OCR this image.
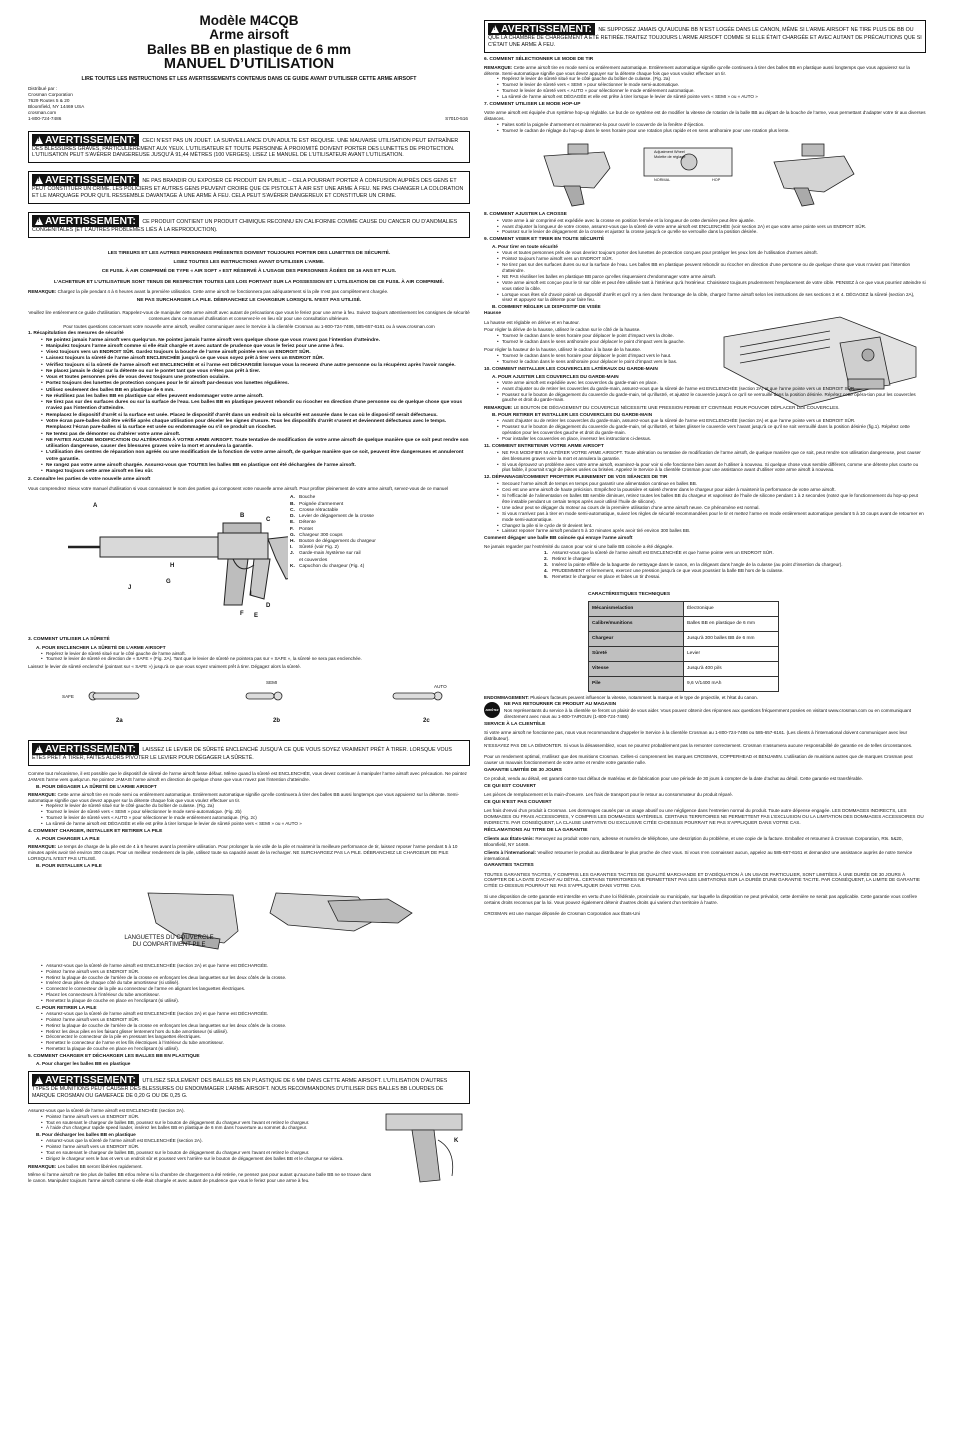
Modèle M4CQB
Arme airsoft
Balles BB en plastique de 6 mm
MANUEL D’UTILISATION
LIRE TOUTES LES INSTRUCTIONS ET LES AVERTISSEMENTS CONTENUS DANS CE GUIDE AVANT D’UTILISER CETTE ARME AIRSOFT
Distribué par :
Crosman Corporation
7629 Routes 5 & 20
Bloomfield, NY 14469 USA
crosman.com
1-800-724-7486	S7010-516
!AVERTISSEMENT: CECI N’EST PAS UN JOUET. LA SURVEILLANCE D’UN ADULTE EST REQUISE. UNE MAUVAISE UTILISATION PEUT ENTRAÎNER DES BLESSURES GRAVES, PARTICULIÈREMENT AUX YEUX. L’UTILISATEUR ET TOUTE PERSONNE À PROXIMITÉ DOIVENT PORTER DES LUNETTES DE PROTECTION. L’UTILISATION PEUT S’AVÉRER DANGEREUSE JUSQU’À 91,44 MÈTRES (100 VERGES). LISEZ LE MANUEL DE L’UTILISATEUR AVANT L’UTILISATION.
!AVERTISSEMENT: NE PAS BRANDIR OU EXPOSER CE PRODUIT EN PUBLIC – CELA POURRAIT PORTER À CONFUSION AUPRÈS DES GENS ET PEUT CONSTITUER UN CRIME. LES POLICIERS ET AUTRES GENS PEUVENT CROIRE QUE CE PISTOLET À AIR EST UNE ARME À FEU. NE PAS CHANGER LA COLORATION ET LE MARQUAGE POUR QU’IL RESSEMBLE DAVANTAGE À UNE ARME À FEU. CELA PEUT S’AVÉRER DANGEREUX ET CONSTITUER UN CRIME.
!AVERTISSEMENT: CE PRODUIT CONTIENT UN PRODUIT CHIMIQUE RECONNU EN CALIFORNIE COMME CAUSE DU CANCER OU D’ANOMALIES CONGÉNITALES (ET L’AUTRES PROBLÈMES LIÉS À LA REPRODUCTION).
LES TIREURS ET LES AUTRES PERSONNES PRÉSENTES DOIVENT TOUJOURS PORTER DES LUNETTES DE SÉCURITÉ.
LISEZ TOUTES LES INSTRUCTIONS AVANT D’UTILISER L’ARME.
CE FUSIL À AIR COMPRIMÉ DE TYPE « AIR SOFT » EST RÉSERVÉ À L’USAGE DES PERSONNES ÂGÉES DE 16 ANS ET PLUS.
L’ACHETEUR ET L’UTILISATEUR SONT TENUS DE RESPECTER TOUTES LES LOIS PORTANT SUR LA POSSESSION ET L’UTILISATION DE CE FUSIL À AIR COMPRIMÉ.
REMARQUE: Chargez la pile pendant 4 à 6 heures avant la première utilisation. Cette arme airsoft ne fonctionnera pas adéquatement si la pile n’est pas complètement chargée.
NE PAS SURCHARGER LA PILE. DÉBRANCHEZ LE CHARGEUR LORSQU’IL N’EST PAS UTILISÉ.
Veuillez lire entièrement ce guide d’utilisation. Rappelez-vous de manipuler cette arme airsoft avec autant de précautions que vous le feriez pour une arme à feu. Suivez toujours attentivement les consignes de sécurité contenues dans ce manuel d’utilisation et conservez-le en lieu sûr pour une consultation ultérieure.
Pour toutes questions concernant votre nouvelle arme airsoft, veuillez communiquer avec le Service à la clientèle Crosman au 1-800-724-7486, 585-657-6161 ou à www.crosman.com
1. Récapitulation des mesures de sécurité
• Ne pointez jamais l’arme airsoft vers quelqu’un. Ne pointez jamais l’arme airsoft vers quelque chose que vous n’avez pas l’intention d’atteindre.
• Manipulez toujours l’arme airsoft comme si elle était chargée et avec autant de prudence que vous le feriez pour une arme à feu.
• Visez toujours vers un ENDROIT SÛR. Gardez toujours la bouche de l’arme airsoft pointée vers un ENDROIT SÛR.
• Laissez toujours la sûreté de l’arme airsoft ENCLENCHÉE jusqu’à ce que vous soyez prêt à tirer vers un ENDROIT SÛR.
• Vérifiez toujours si la sûreté de l’arme airsoft est ENCLENCHÉE et si l’arme est DÉCHARGÉE lorsque vous la recevez d’une autre personne ou la récupérez après l’avoir rangée.
• Ne placez jamais le doigt sur la détente ou sur le pontet tant que vous n’êtes pas prêt à tirer.
• Vous et toutes personnes près de vous devez toujours une protection oculaire.
• Portez toujours des lunettes de protection conçues pour le tir airsoft par-dessus vos lunettes régulières.
• Utilisez seulement des balles BB en plastique de 6 mm.
• Ne réutilisez pas les balles BB en plastique car elles peuvent endommager votre arme airsoft.
• Ne tirez pas sur des surfaces dures ou sur la surface de l’eau. Les balles BB en plastique peuvent rebondir ou ricocher en direction d’une personne ou de quelque chose que vous n’aviez pas l’intention d’atteindre.
• Remplacez le dispositif d’arrêt si la surface est usée. Placez le dispositif d’arrêt dans un endroit où la sécurité est assurée dans le cas où le disposi-tif serait défectueux.
• Votre écran pare-balles doit être vérifié après chaque utilisation pour déceler les signes d’usure. Tous les dispositifs d’arrêt s’usent et deviennent défectueux avec le temps. Remplacez l’écran pare-balles si la surface est usée ou endommagée ou s’il se produit un ricochet.
• Ne tentez pas de démonter ou d’altérer votre arme airsoft.
• NE FAITES AUCUNE MODIFICATION OU ALTÉRATION À VOTRE ARME AIRSOFT. Toute tentative de modification de votre arme airsoft de quelque manière que ce soit peut rendre son utilisation dangereuse, causer des blessures graves voire la mort et annulera la garantie.
• L’utilisation des centres de réparation non agréés ou une modification de la fonction de votre arme airsoft, de quelque manière que ce soit, peuvent être dangereuses et annuleront votre garantie.
• Ne rangez pas votre arme airsoft chargée. Assurez-vous que TOUTES les balles BB en plastique ont été déchargées de l’arme airsoft.
• Rangez toujours cette arme airsoft en lieu sûr.
2. Connaître les parties de votre nouvelle arme airsoft
Vous comprendrez mieux votre manuel d’utilisation si vous connaissez le nom des parties qui composent votre nouvelle arme airsoft. Pour profiter pleinement de votre arme airsoft, servez-vous de ce manuel
A
B
C
D
E
F
G
H
I
J
A. Bouche
B. Poignée d’armement
C. Crosse rétractable
D. Levier de dégagement de la crosse
E. Détente
F. Pontet
G. Chargeur 300 coups
H. Bouton de dégagement du chargeur
I. Sûreté (voir Fig. 2)
J. Garde-main /système sur rail
et couvercles
K. Capuchon du chargeur (Fig. 4)
3. COMMENT UTILISER LA SÛRETÉ
A. POUR ENCLENCHER LA SÛRETÉ DE L’ARME AIRSOFT
• Repérez le levier de sûreté situé sur le côté gauche de l’arme airsoft.
• Tournez le levier de sûreté en direction de « SAFE » (Fig. 2A). Tant que le levier de sûreté ne pointera pas sur « SAFE », la sûreté ne sera pas enclenchée.
Laissez le levier de sûreté enclenché (pointant sur « SAFE ») jusqu’à ce que vous soyez vraiment prêt à tirer. Dégagez alors la sûreté.
SAFE
SEMI
AUTO
2a	2b	2c
!AVERTISSEMENT: LAISSEZ LE LEVIER DE SÛRETÉ ENCLENCHÉ JUSQU’À CE QUE VOUS SOYEZ VRAIMENT PRÊT À TIRER. LORSQUE VOUS ÊTES PRÊT À TIRER, FAITES ALORS PIVOTER LE LEVIER POUR DÉGAGER LA SÛRETÉ.
Comme tout mécanisme, il est possible que le dispositif de sûreté de l’arme airsoft fasse défaut. Même quand la sûreté est ENCLENCHÉE, vous devez continuer à manipuler l’arme airsoft avec précaution. Ne pointez JAMAIS l’arme vers quelqu’un. Ne pointez JAMAIS l’arme airsoft en direction de quelque chose que vous n’avez pas l’intention d’atteindre.
B. POUR DÉGAGER LA SÛRETÉ DE L’ARME AIRSOFT
REMARQUE: Cette arme airsoft tire en mode semi ou entièrement automatique. Entièrement automatique signifie qu’elle continuera à tirer des balles BB aussi longtemps que vous appuierez sur la détente. Semi-automatique signifie que vous devez appuyer sur la détente chaque fois que vous voulez effectuer un tir.
• Repérez le levier de sûreté situé sur le côté gauche du boîtier de culasse. (Fig. 2a)
• Tournez le levier de sûreté vers « SEMI » pour sélectionner le mode semi-automatique. (Fig. 2b)
• Tournez le levier de sûreté vers « AUTO » pour sélectionner le mode entièrement automatique. (Fig. 2c)
• La sûreté de l’arme airsoft est DÉGAGÉE et elle est prête à tirer lorsque le levier de sûreté pointe vers « SEMI » ou « AUTO »
4. COMMENT CHARGER, INSTALLER ET RETIRER LA PILE
A. POUR CHARGER LA PILE
REMARQUE: Le temps de charge de la pile est de 4 à 6 heures avant la première utilisation. Pour prolonger la vie utile de la pile et maintenir la meilleure performance de tir, laissez reposer l’arme pendant 5 à 10 minutes après avoir tiré environ 300 coups. Pour un meilleur rendement de la pile, utilisez toute sa capacité avant de la recharger. NE SURCHARGEZ PAS LA PILE. DÉBRANCHEZ LE CHARGEUR DE PILE LORSQU’IL N’EST PAS UTILISÉ.
B. POUR INSTALLER LA PILE
LANGUETTES DU COUVERCLE
DU COMPARTIMENT PILE
• Assurez-vous que la sûreté de l’arme airsoft est ENCLENCHÉE (section 2A) et que l’arme est DÉCHARGÉE.
• Pointez l’arme airsoft vers un ENDROIT SÛR.
• Retirez la plaque de couche de l’arrière de la crosse en enfonçant les deux languettes sur les deux côtés de la crosse.
• Insérez deux piles de chaque côté du tube amortisseur (si utilisé).
• Connectez le connecteur de la pile au connecteur de l’arme en alignant les languettes électriques.
• Placez les connecteurs à l’intérieur du tube amortisseur.
• Remettez la plaque de couche en place en l’enclipsant (si utilisé).
C. POUR RETIRER LA PILE
• Assurez-vous que la sûreté de l’arme airsoft est ENCLENCHÉE (section 2A) et que l’arme est DÉCHARGÉE.
• Pointez l’arme airsoft vers un ENDROIT SÛR.
• Retirez la plaque de couche de l’arrière de la crosse en enfonçant les deux languettes sur les deux côtés de la crosse.
• Retirez les deux piles en les faisant glisser lentement hors du tube amortisseur (si utilisé).
• Déconnectez le connecteur de la pile en pressant les languettes électriques.
• Remettez le connecteur de l’arme et les fils électriques à l’intérieur du tube amortisseur.
• Remettez la plaque de couche en place en l’enclipsant (si utilisé).
5. COMMENT CHARGER ET DÉCHARGER LES BALLES BB EN PLASTIQUE
A. Pour charger les balles BB en plastique
!AVERTISSEMENT: UTILISEZ SEULEMENT DES BALLES BB EN PLASTIQUE DE 6 MM DANS CETTE ARME AIRSOFT. L’UTILISATION D’AUTRES TYPES DE MUNITIONS PEUT CAUSER DES BLESSURES OU ENDOMMAGER L’ARME AIRSOFT. NOUS RECOMMANDONS D’UTILISER DES BALLES BB LOURDES DE MARQUE CROSMAN OU GAMEFACE DE 0,20 G OU DE 0,25 G.
Assurez-vous que la sûreté de l’arme airsoft est ENCLENCHÉE (section 2A).
• Pointez l’arme airsoft vers un ENDROIT SÛR.
• Tout en soutenant le chargeur de balles BB, poussez sur le bouton de dégagement du chargeur vers l’avant et retirez le chargeur.
• À l’aide d’un chargeur rapide speed loader, insérez les balles BB en plastique de 6 mm dans l’ouverture au sommet du chargeur.
B. Pour décharger les balles BB en plastique
• Assurez-vous que la sûreté de l’arme airsoft est ENCLENCHÉE (section 2A).
• Pointez l’arme airsoft vers un ENDROIT SÛR.
• Tout en soutenant le chargeur de balles BB, poussez sur le bouton de dégagement du chargeur vers l’avant et retirez le chargeur.
• Dirigez le chargeur vers le bas et vers un endroit sûr et poussez vers l’arrière sur le bouton de dégagement des balles BB et le chargeur se videra.
REMARQUE: Les balles BB seront libérées rapidement.
Même si l’arme airsoft ne tire plus de balles BB et/ou même si la chambre de chargement a été retirée, ne pensez pas pour autant qu’aucune balle BB ne se trouve dans le canon. Manipulez toujours l’arme airsoft comme si elle était chargée et avec autant de prudence que vous le feriez pour une arme à feu.
K
!AVERTISSEMENT: NE SUPPOSEZ JAMAIS QU’AUCUNE BB N’EST LOGÉE DANS LE CANON, MÊME SI L’ARME AIRSOFT NE TIRE PLUS DE BB OU QUE LA CHAMBRE DE CHARGEMENT A ÉTÉ RETIRÉE.TRAITEZ TOUJOURS L’ARME AIRSOFT COMME SI ELLE ÉTAIT CHARGÉE ET AVEC AUTANT DE PRÉCAUTIONS QUE SI C’ÉTAIT UNE ARME À FEU.
6. COMMENT SÉLECTIONNER LE MODE DE TIR
REMARQUE: Cette arme airsoft tire en mode semi ou entièrement automatique. Entièrement automatique signifie qu’elle continuera à tirer des balles BB en plastique aussi longtemps que vous appuierez sur la détente. Semi-automatique signifie que vous devez appuyer sur la détente chaque fois que vous voulez effectuer un tir.
• Repérez le levier de sûreté situé sur le côté gauche du boîtier de culasse. (Fig. 2a)
• Tournez le levier de sûreté vers « SEMI » pour sélectionner le mode semi-automatique.
• Tournez le levier de sûreté vers « AUTO » pour sélectionner le mode entièrement automatique.
• La sûreté de l’arme airsoft est DÉGAGÉE et elle est prête à tirer lorsque le levier de sûreté pointe vers « SEMI » ou « AUTO »
7. COMMENT UTILISER LE MODE HOP-UP
Votre arme airsoft est équipée d’un système hop-up réglable. Le but de ce système est de modifier la vitesse de rotation de la balle BB au départ de la bouche de l’arme, vous permettant d’adapter votre tir aux diverses distances.
• Faites sortir la poignée d’armement et maintenez-la pour ouvrir le couvercle de la fenêtre d’éjection.
• Tournez le cadran de réglage du hop-up dans le sens horaire pour une rotation plus rapide et en sens antihoraire pour une rotation plus lente.
Adjustment Wheel
Molette de réglage
NORMAL	HOP
8. COMMENT AJUSTER LA CROSSE
• Votre arme à air comprimé est expédiée avec la crosse en position fermée et la longueur de cette dernière peut être ajustée.
• Avant d’ajuster la longueur de votre crosse, assurez-vous que la sûreté de votre arme airsoft est ENCLENCHÉE (voir section 2A) et que votre arme pointe vers un ENDROIT SÛR.
• Poussez sur le levier de dégagement de la crosse et ajustez la crosse jusqu’à ce qu’elle se verrouille dans la position désirée.
9. COMMENT VISER ET TIRER EN TOUTE SÉCURITÉ
A. Pour tirer en toute sécurité
• Vous et toutes personnes près de vous devriez toujours porter des lunettes de protection conçues pour protéger les yeux lors de l’utilisation d’armes airsoft.
• Pointez toujours l’arme airsoft vers un ENDROIT SÛR.
• Ne tirez pas sur des surfaces dures ou sur la surface de l’eau. Les balles BB en plastique peuvent rebondir ou ricocher en direction d’une personne ou de quelque chose que vous n’aviez pas l’intention d’atteindre.
• NE PAS réutiliser les balles en plastique BB parce qu’elles risqueraient d’endommager votre arme airsoft.
• Votre arme airsoft est conçue pour le tir sur cible et peut être utilisée tant à l’intérieur qu’à l’extérieur. Choisissez toujours prudemment l’emplacement de votre cible. PENSEZ à ce que vous pourriez atteindre si vous ratiez la cible.
• Lorsque vous êtes sûr d’avoir pointé un dispositif d’arrêt et qu’il n’y a rien dans l’entourage de la cible, chargez l’arme airsoft selon les instructions de ses sections 3 et 4. DÉGAGEZ la sûreté (section 2A), visez et appuyez sur la détente pour faire feu.
B. COMMENT RÉGLER LE DISPOSITIF DE VISÉE
Hausse
La hausse est réglable en dérive et en hauteur.
Pour régler la dérive de la hausse, utilisez le cadran sur le côté de la hausse.
• Tournez le cadran dans le sens horaire pour déplacer le point d’impact vers la droite.
• Tournez le cadran dans le sens antihoraire pour déplacer le point d’impact vers la gauche.
Pour régler la hauteur de la hausse, utilisez le cadran à la base de la hausse.
• Tournez le cadran dans le sens horaire pour déplacer le point d’impact vers le haut.
• Tournez le cadran dans le sens antihoraire pour déplacer le point d’impact vers le bas.
10. COMMENT INSTALLER LES COUVERCLES LATÉRAUX DU GARDE-MAIN
A. POUR AJUSTER LES COUVERCLES DU GARDE-MAIN
• Votre arme airsoft est expédiée avec les couvercles du garde-main en place.
• Avant d’ajuster ou de retirer les couvercles du garde-main, assurez-vous que la sûreté de l’arme est ENCLENCHÉE (section 2A) et que l’arme pointe vers un ENDROIT SÛR.
• Poussez sur le bouton de dégagement du couvercle du garde-main, tel qu’illustré, et ajustez le couvercle jusqu’à ce qu’il se verrouille dans la position désirée. Répétez cette opéra-tion pour les couvercles gauche et droit du garde-main.
REMARQUE: LE BOUTON DE DÉGAGEMENT DU COUVERCLE NÉCESSITE UNE PRESSION FERME ET CONTINUE POUR POUVOIR DÉPLACER LES COUVERCLES.
B. POUR RETIRER ET INSTALLER LES COUVERCLES DU GARDE-MAIN
• Avant d’ajuster ou de retirer les couvercles du garde-main, assurez-vous que la sûreté de l’arme est ENCLENCHÉE (section 2A) et que l’arme pointe vers un ENDROIT SÛR.
• Poussez sur le bouton de dégagement du couvercle du garde-main, tel qu’illustré, et faites glisser le couvercle vers l’avant jusqu’à ce qu’il se soit verrouillé dans la position désirée (fig.1). Répétez cette opération pour les couvercles gauche et droit du garde-main.
• Pour installer les couvercles en place, inversez les instructions ci-dessus.
11. COMMENT ENTRETENIR VOTRE ARME AIRSOFT
• NE PAS MODIFIER NI ALTÉRER VOTRE ARME AIRSOFT. Toute altération ou tentative de modification de l’arme airsoft, de quelque manière que ce soit, peut rendre son utilisation dangereuse, peut causer des blessures graves voire la mort et annulera la garantie.
• Si vous éprouvez un problème avec votre arme airsoft, examinez-la pour voir si elle fonctionne bien avant de l’utiliser à nouveau. Si quelque chose vous semble différent, comme une détente plus courte ou plus faible, il pourrait s’agir de pièces usées ou brisées. Appelez le Service à la clientèle Crosman pour une assistance avant d’utiliser votre arme airsoft à nouveau.
12. DÉPANNAGE/COMMENT PROFITER PLEINEMENT DE VOS SÉANCES DE TIR
• Secouez l’arme airsoft de temps en temps pour garantir une alimentation continue en balles BB.
• Ceci est une arme airsoft de haute précision. Empêchez la poussière et saleté d’entrer dans le chargeur pour aider à maintenir la performance de votre arme airsoft.
• Si l’efficacité de l’alimentation en balles BB semble diminuer, retirez toutes les balles BB du chargeur et vaporisez de l’huile de silicone pendant 1 à 2 secondes (notez que le fonctionnement du hop-up peut être instable pendant un certain temps après avoir utilisé l’huile de silicone).
• Une odeur peut se dégager du moteur au cours de la première utilisation d’une arme airsoft neuve. Ce phénomène est normal.
• Si vous n’arrivez pas à tirer en mode semi-automatique, suivez les règles de sécurité recommandées pour le tir et mettez l’arme en mode entièrement automatique pendant 5 à 10 coups avant de retourner en mode semi-automatique.
• Changez la pile si le cycle de tir devient lent.
• Laissez reposer l’arme airsoft pendant 5 à 10 minutes après avoir tiré environ 300 balles BB.
Comment dégager une balle BB coincée qui enraye l’arme airsoft
Ne jamais regarder par l’extrémité du canon pour voir si une balle BB coincée a été dégagée.
1. Assurez-vous que la sûreté de l’arme airsoft est ENCLENCHÉE et que l’arme pointe vers un ENDROIT SÛR.
2. Retirez le chargeur
3. Insérez la pointe effilée de la baguette de nettoyage dans le canon, en la dirigeant dans l’angle de la culasse (au point d’insertion du chargeur).
4. PRUDEMMENT et fermement, exercez une pression jusqu’à ce que vous poussiez la balle BB hors de la culasse.
5. Remettez le chargeur en place et faites un tir d’essai.
CARACTÉRISTIQUES TECHNIQUES
Mécanisme/action	Électronique
Calibre/munitions	Balles BB en plastique de 6 mm
Chargeur	Jusqu’à 300 balles BB de 6 mm
Sûreté	Levier
Vitesse	Jusqu’à 400 pi/s
Pile	9,6 V/1400 mAh
ENDOMMAGEMENT: Plusieurs facteurs peuvent influencer la vitesse, notamment la marque et le type de projectile, et l’état du canon.
ARRÊTEZ
NE PAS RETOURNER CE PRODUIT AU MAGASIN
Nos représentants du service à la clientèle se feront un plaisir de vous aider. Vous pouvez obtenir des réponses aux questions fréquemment posées en visitant www.crosman.com ou en communiquant directement avec nous au 1-800-7AIRGUN (1-800-724-7486)
SERVICE À LA CLIENTÈLE
Si votre arme airsoft ne fonctionne pas, nous vous recommandons d’appeler le Service à la clientèle Crosman au 1-800-724-7486 ou 585-657-6161. (Les clients à l’international doivent communiquer avec leur distributeur).
N’ESSAYEZ PAS DE LA DÉMONTER. Si vous la désassemblez, vous ne pourrez probablement pas la remonter correctement. Crosman n’assumera aucune responsabilité de garantie en de telles circonstances.
Pour un rendement optimal, n’utilisez que des munitions Crosman. Celles-ci comprennent les marques CROSMAN, COPPERHEAD et BENJAMIN. L’utilisation de munitions autres que de marques Crosman peut causer un mauvais fonctionnement de votre arme et rendre votre garantie nulle.
GARANTIE LIMITÉE DE 30 JOURS
Ce produit, vendu au détail, est garanti contre tout défaut de matériau et de fabrication pour une période de 30 jours à compter de la date d’achat au détail. Cette garantie est transférable.
CE QUI EST COUVERT
Les pièces de remplacement et la main-d’oeuvre. Les frais de transport pour le retour au consommateur du produit réparé.
CE QUI N’EST PAS COUVERT
Les frais d’envoi d’un produit à Crosman. Les dommages causés par un usage abusif ou une négligence dans l’entretien normal du produit. Toute autre dépense engagée. LES DOMMAGES INDIRECTS, LES DOMMAGES OU FRAIS ACCESSOIRES, Y COMPRIS LES DOMMAGES MATÉRIELS. CERTAINS TERRITOIRES NE PERMETTENT PAS L’EXCLUSION OU LA LIMITATION DES DOMMAGES ACCESSOIRES OU INDIRECTS. PAR CONSÉQUENT, LA CLAUSE LIMITATIVE OU EXCLUSIVE CITÉE CI-DESSUS POURRAIT NE PAS S’APPLIQUER DANS VOTRE CAS.
RÉCLAMATIONS AU TITRE DE LA GARANTIE
Clients aux États-Unis: Renvoyez au produit votre nom, adresse et numéro de téléphone, une description du problème, et une copie de la facture. Emballez et retournez à Crosman Corporation, Rts. 5&20, Bloomfield, NY 14469.
Clients à l’international: Veuillez retourner le produit au distributeur le plus proche de chez vous. Si vous n’en connaissez aucun, appelez au 585-657-6161 et demandez une assistance auprès de notre Service international.
GARANTIES TACITES
TOUTES GARANTIES TACITES, Y COMPRIS LES GARANTIES TACITES DE QUALITÉ MARCHANDE ET D’ADÉQUATION À UN USAGE PARTICULIER, SONT LIMITÉES À UNE DURÉE DE 30 JOURS À COMPTER DE LA DATE D’ACHAT AU DÉTAIL. CERTAINS TERRITOIRES NE PERMETTENT PAS LES LIMITATIONS SUR LA DURÉE D’UNE GARANTIE TACITE. PAR CONSÉQUENT, LA LIMITE DE GARANTIE CITÉE CI-DESSUS POURRAIT NE PAS S’APPLIQUER DANS VOTRE CAS.
Si une disposition de cette garantie est interdite en vertu d’une loi fédérale, provinciale ou municipale, sur laquelle la disposition ne peut prévaloir, cette dernière ne serait pas applicable. Cette garantie vous confère certains droits reconnus par la loi. Vous pouvez également détenir d’autres droits qui varient d’un territoire à l’autre.
CROSMAN est une marque déposée de Crosman Corporation aux États-Uni
